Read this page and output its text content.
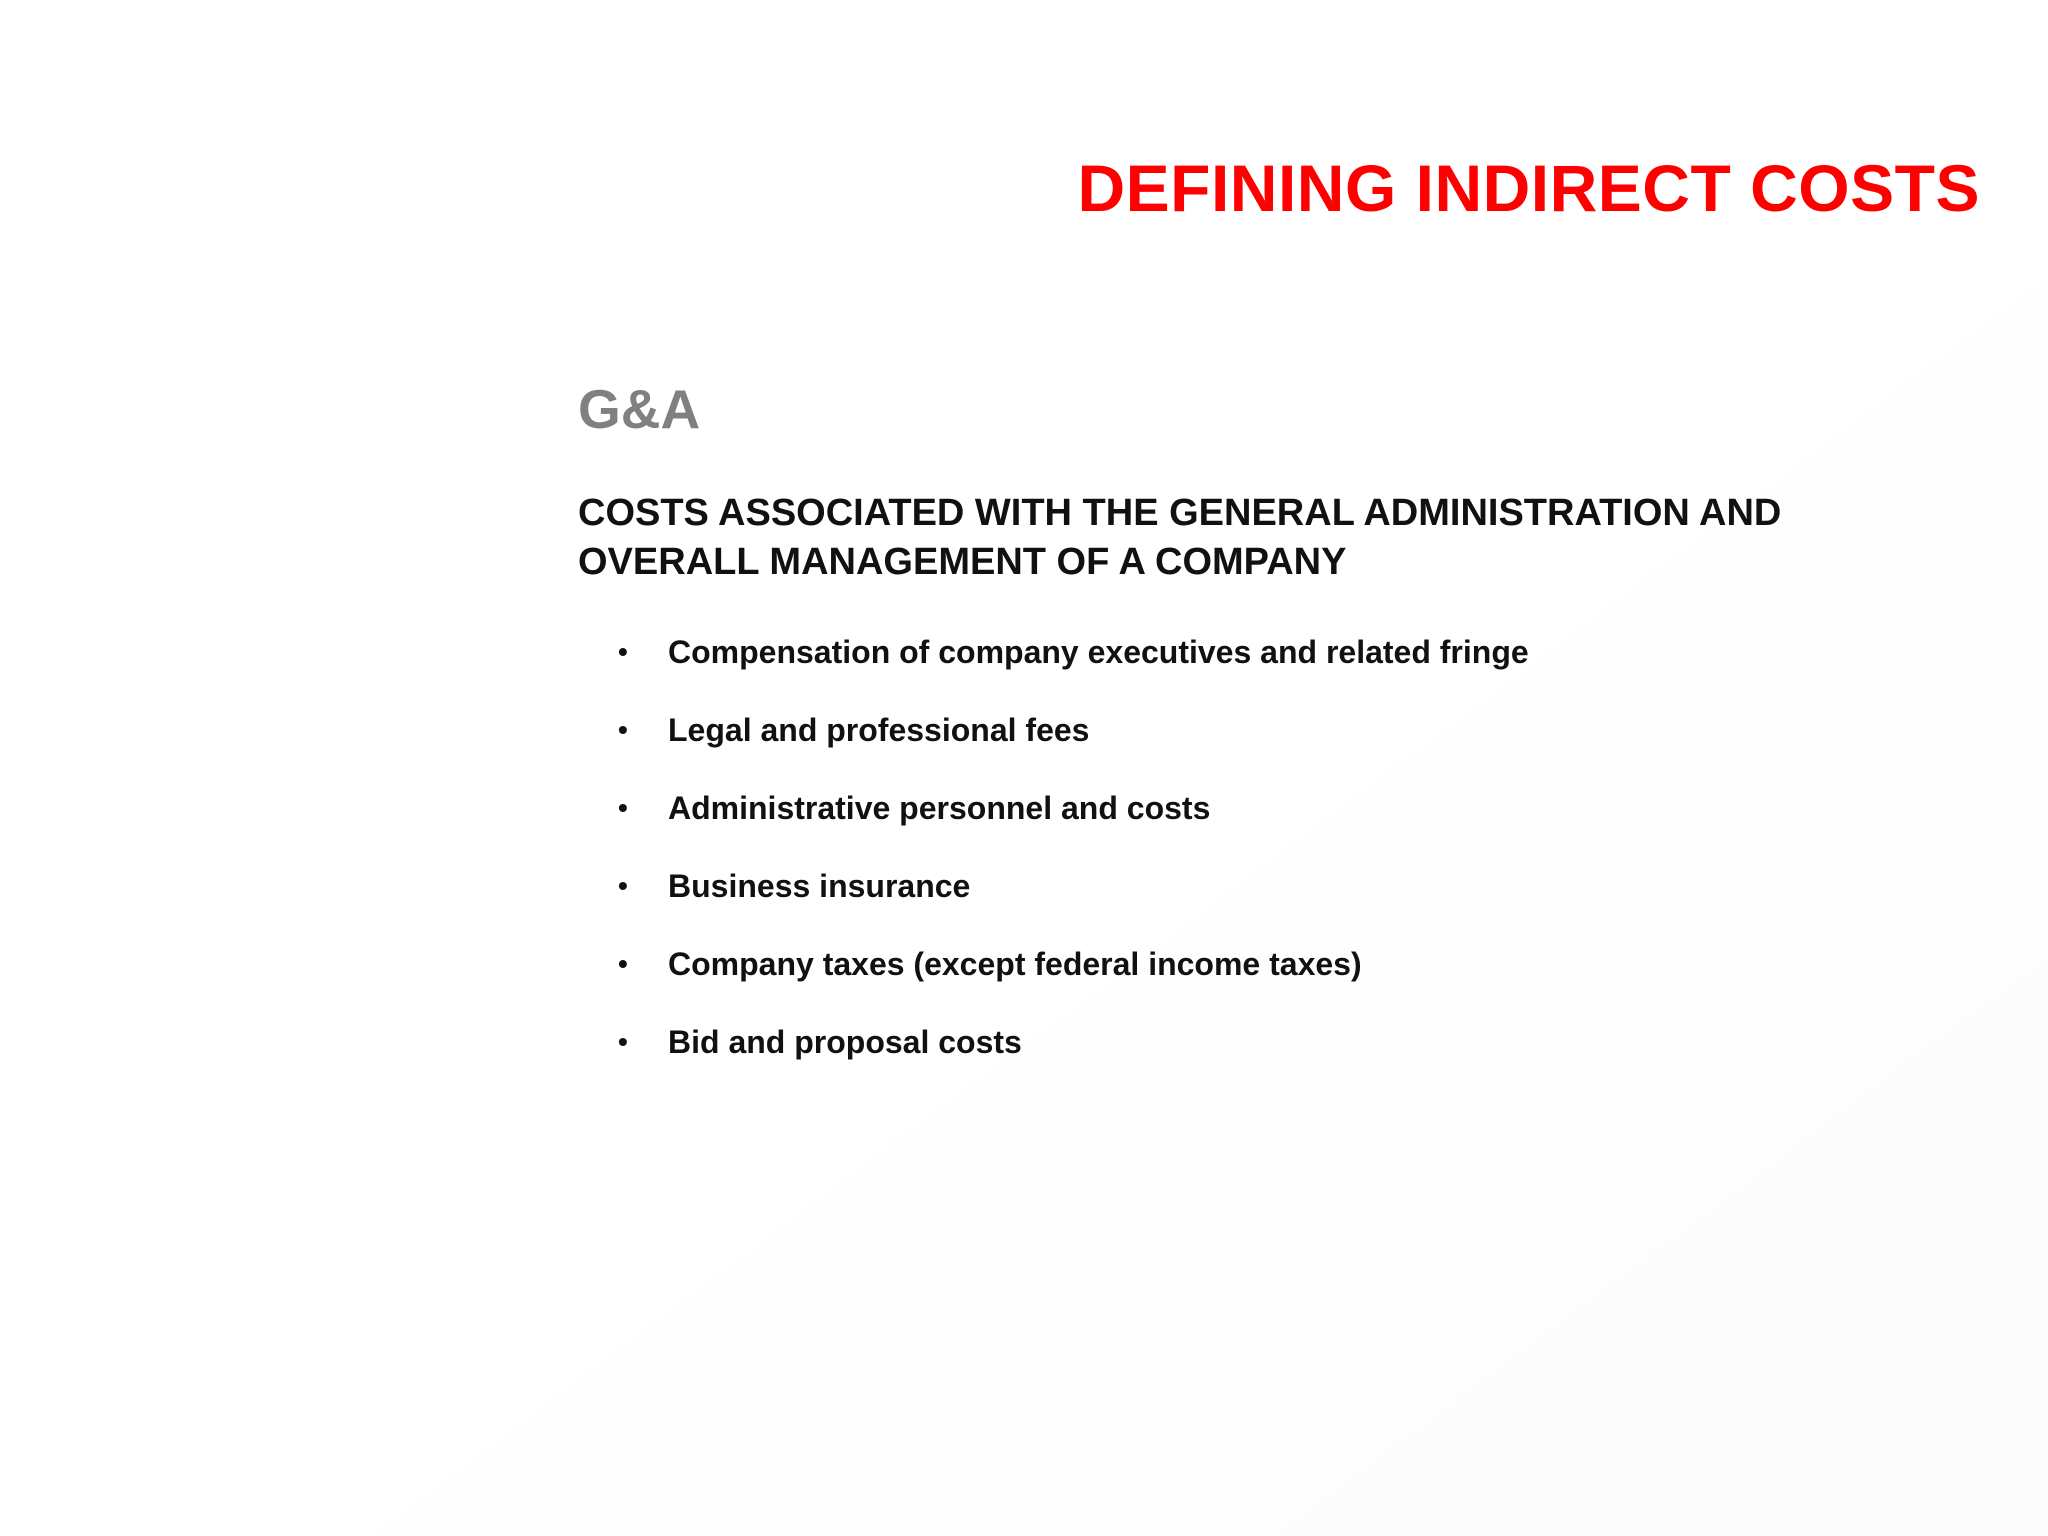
DEFINING INDIRECT COSTS
G&A

COSTS ASSOCIATED WITH THE GENERAL ADMINISTRATION AND
OVERALL MANAGEMENT OF A COMPANY

• Compensation of company executives and related fringe
• Legal and professional fees
• Administrative personnel and costs
• Business insurance
• Company taxes (except federal income taxes)
• Bid and proposal costs
